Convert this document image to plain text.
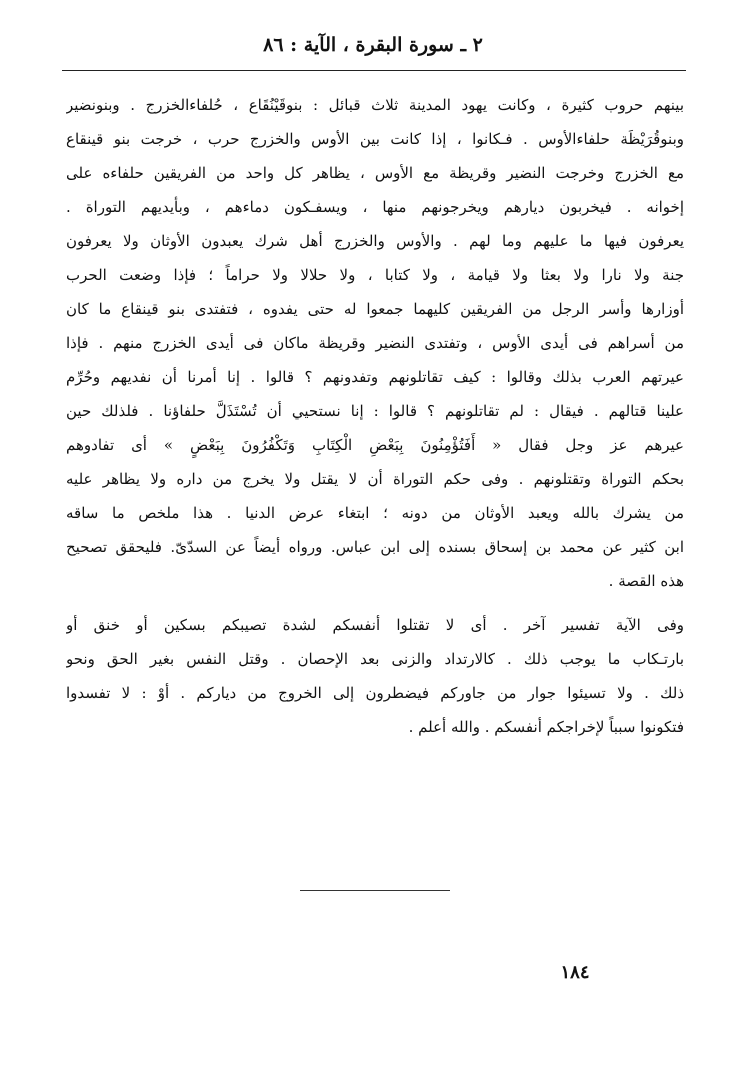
٢ ـ سورة البقرة ، الآية : ٨٦
بينهم حروب كثيرة ، وكانت يهود المدينة ثلاث قبائل : بنوقَيْنُقَاع ، حُلفاءالخزرج . وبنونضير
وبنوقُرَيْظَة حلفاءالأوس . فـكانوا ، إذا كانت بين الأوس والخزرج حرب ، خرجت بنو قينقاع
مع الخزرج وخرجت النضير وقريظة مع الأوس ، يظاهر كل واحد من الفريقين حلفاءه على
إخوانه . فيخربون ديارهم ويخرجونهم منها ، ويسفـكون دماءهم ، وبأيديهم التوراة .
يعرفون فيها ما عليهم وما لهم . والأوس والخزرج أهل شرك يعبدون الأوثان ولا يعرفون
جنة ولا نارا ولا بعثا ولا قيامة ، ولا كتابا ، ولا حلالا ولا حراماً ؛ فإذا وضعت الحرب
أوزارها وأسر الرجل من الفريقين كليهما جمعوا له حتى يفدوه ، فتفتدى بنو قينقاع ما كان
من أسراهم فى أيدى الأوس ، وتفتدى النضير وقريظة ماكان فى أيدى الخزرج منهم . فإذا
عيرتهم العرب بذلك وقالوا : كيف تقاتلونهم وتفدونهم ؟ قالوا . إنا أمرنا أن نفديهم وحُرِّم
علينا قتالهم . فيقال : لم تقاتلونهم ؟ قالوا : إنا نستحيي أن تُسْتَذَلَّ حلفاؤنا . فلذلك حين
عيرهم عز وجل فقال « أَفَتُؤْمِنُونَ بِبَعْضِ الْكِتَابِ وَتَكْفُرُونَ بِبَعْضٍ » أى تفادوهم
بحكم التوراة وتقتلونهم . وفى حكم التوراة أن لا يقتل ولا يخرج من داره ولا يظاهر عليه
من يشرك بالله ويعبد الأوثان من دونه ؛ ابتغاء عرض الدنيا . هذا ملخص ما ساقه
ابن كثير عن محمد بن إسحاق بسنده إلى ابن عباس. ورواه أيضاً عن السدّىّ. فليحقق تصحيح
هذه القصة .
وفى الآية تفسير آخر . أى لا تقتلوا أنفسكم لشدة تصيبكم بسكين أو خنق أو
بارتـكاب ما يوجب ذلك . كالارتداد والزنى بعد الإحصان . وقتل النفس بغير الحق ونحو
ذلك . ولا تسيئوا جوار من جاوركم فيضطرون إلى الخروج من دياركم . أوْ : لا تفسدوا
فتكونوا سبباً لإخراجكم أنفسكم . والله أعلم .
١٨٤
